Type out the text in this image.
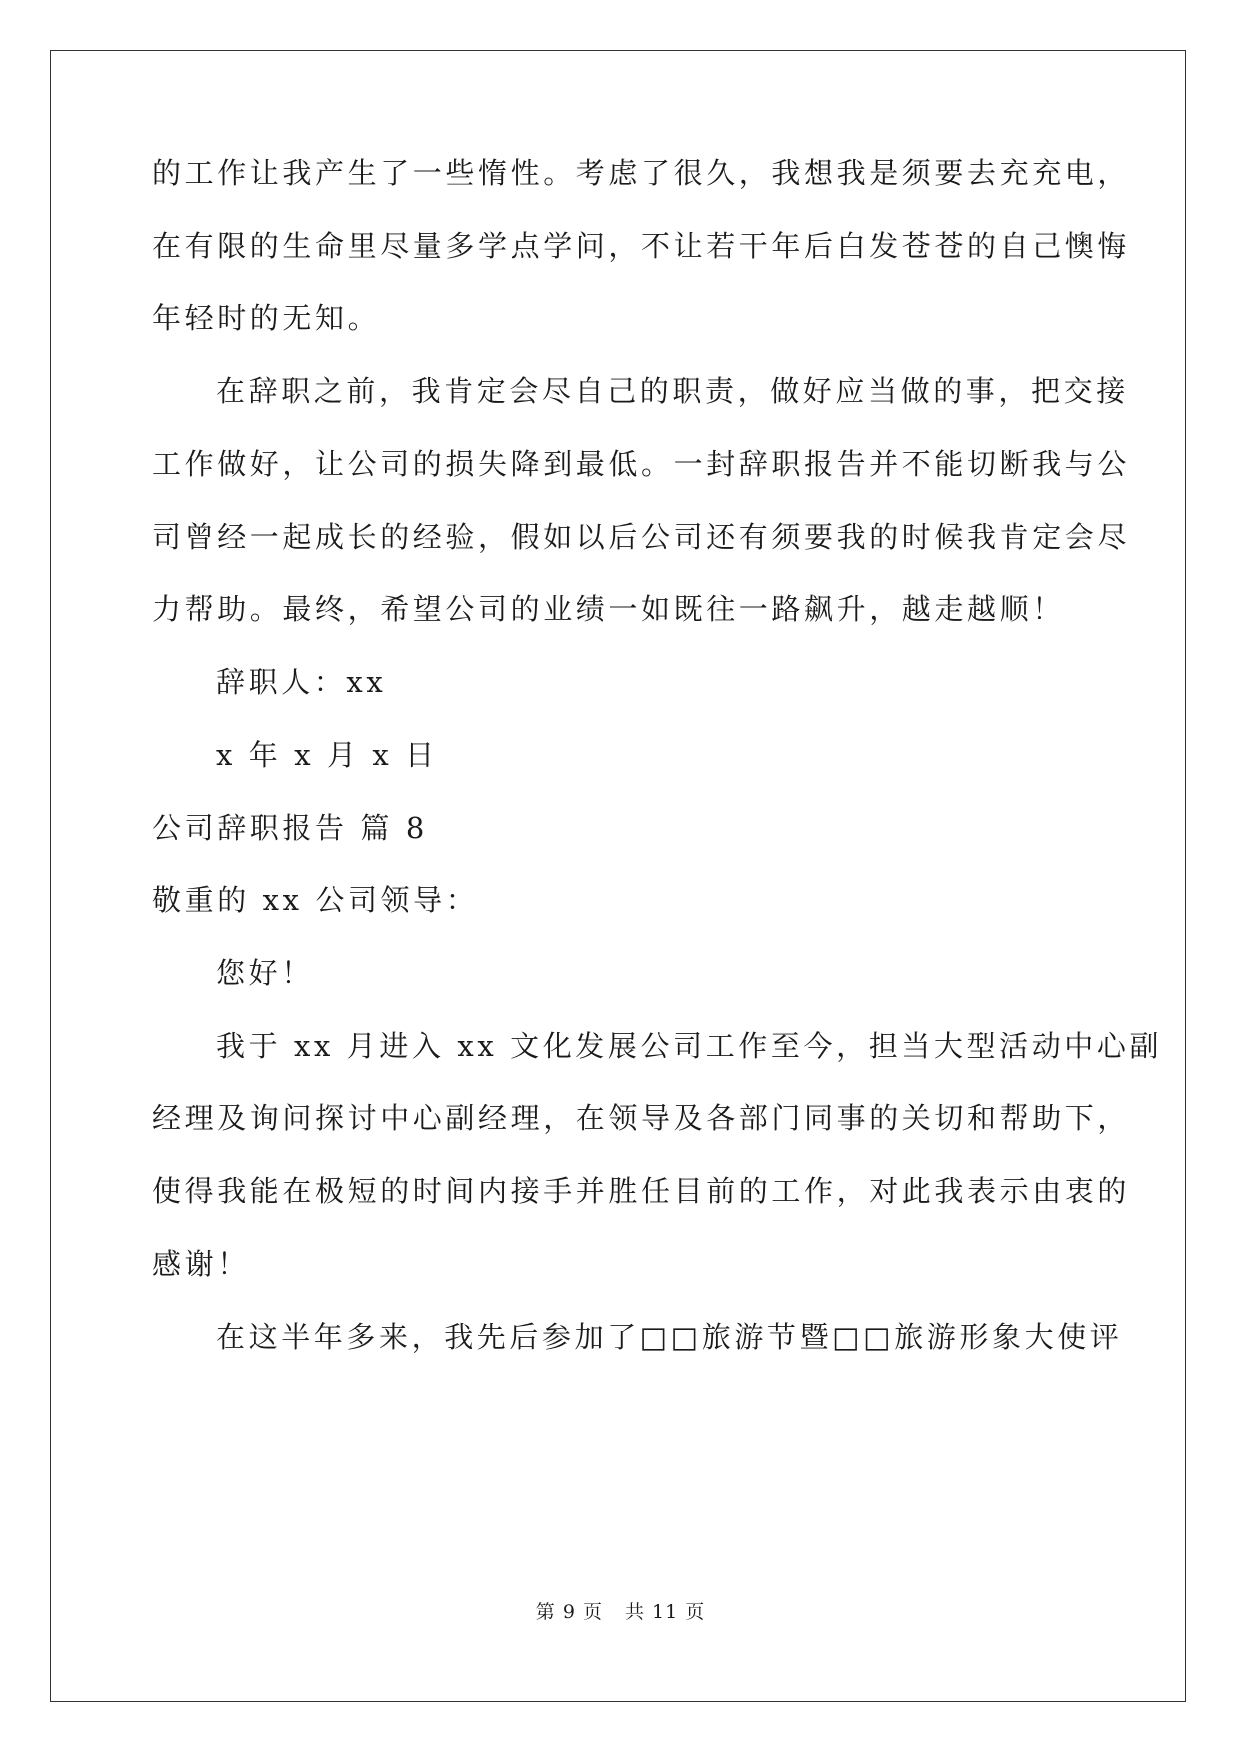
的工作让我产生了一些惰性。考虑了很久，我想我是须要去充充电，
在有限的生命里尽量多学点学问，不让若干年后白发苍苍的自己懊悔
年轻时的无知。
在辞职之前，我肯定会尽自己的职责，做好应当做的事，把交接
工作做好，让公司的损失降到最低。一封辞职报告并不能切断我与公
司曾经一起成长的经验，假如以后公司还有须要我的时候我肯定会尽
力帮助。最终，希望公司的业绩一如既往一路飙升，越走越顺！
辞职人：xx
x 年 x 月 x 日
公司辞职报告 篇 8
敬重的 xx 公司领导：
您好！
我于 xx 月进入 xx 文化发展公司工作至今，担当大型活动中心副
经理及询问探讨中心副经理，在领导及各部门同事的关切和帮助下，
使得我能在极短的时间内接手并胜任目前的工作，对此我表示由衷的
感谢！
在这半年多来，我先后参加了□□旅游节暨□□旅游形象大使评
第 9 页 共 11 页
